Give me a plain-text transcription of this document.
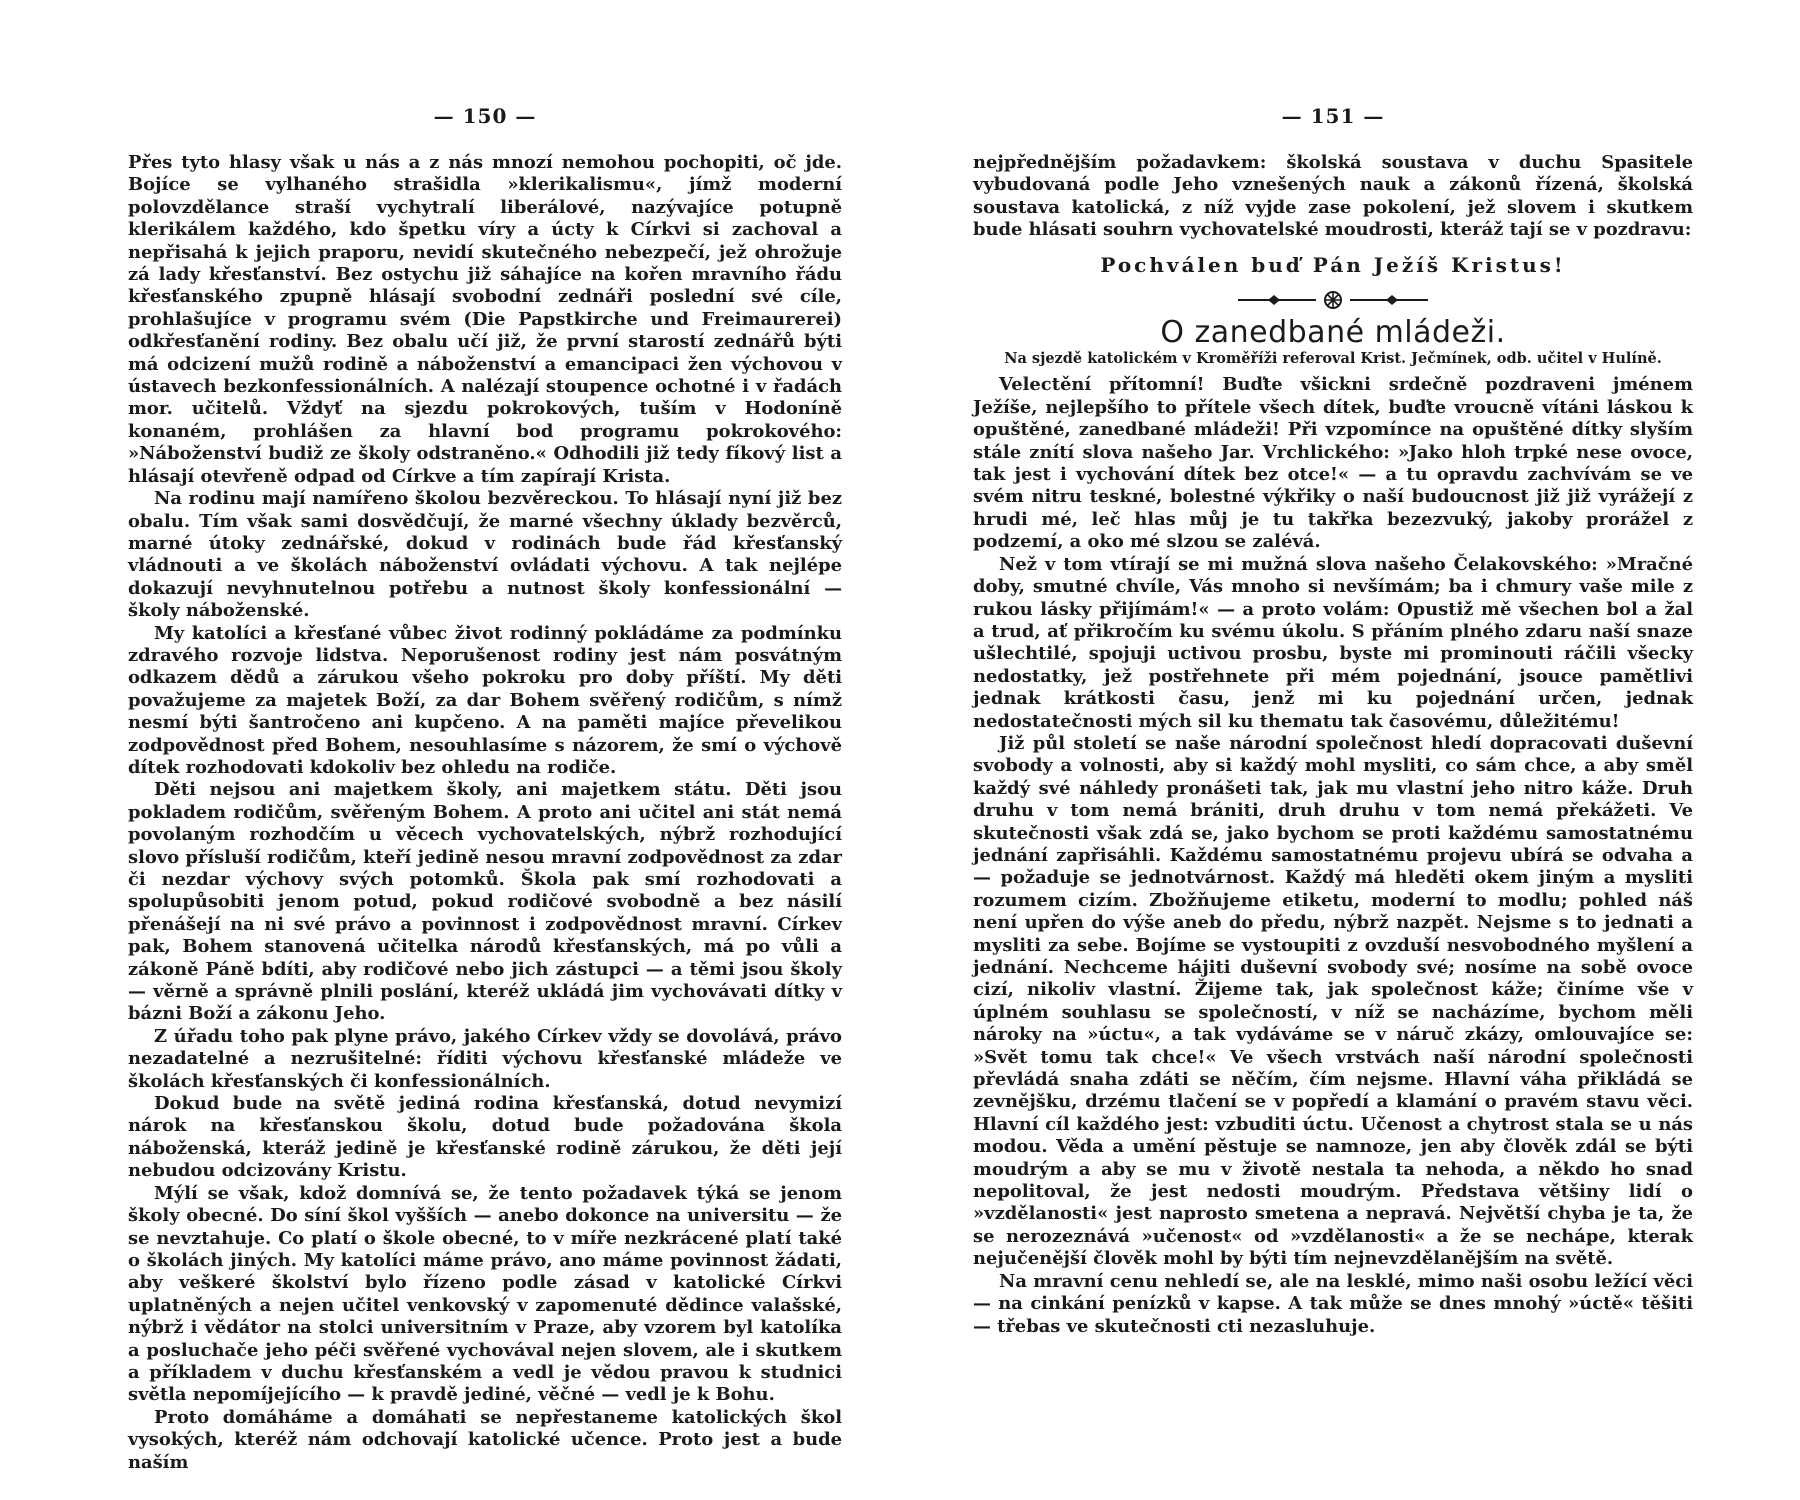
— 150 —

Přes tyto hlasy však u nás a z nás mnozí nemohou pochopiti, oč jde. Bojíce se vylhaného strašidla »klerikalismu«, jímž moderní polovzdělance straší vychytralí liberálové, nazývajíce potupně klerikálem každého, kdo špetku víry a úcty k Církvi si zachoval a nepřisahá k jejich praporu, nevidí skutečného nebezpečí, jež ohrožuje zá lady křesťanství. Bez ostychu již sáhajíce na kořen mravního řádu křesťanského zpupně hlásají svobodní zednáři poslední své cíle, prohlašujíce v programu svém (Die Papstkirche und Freimaurerei) odkřesťanění rodiny. Bez obalu učí již, že první starostí zednářů býti má odcizení mužů rodině a náboženství a emancipaci žen výchovou v ústavech bezkonfessionálních. A nalézají stoupence ochotné i v řadách mor. učitelů. Vždyť na sjezdu pokrokových, tuším v Hodoníně konaném, prohlášen za hlavní bod programu pokrokového: »Náboženství budiž ze školy odstraněno.« Odhodili již tedy fíkový list a hlásají otevřeně odpad od Církve a tím zapírají Krista.

Na rodinu mají namířeno školou bezvěreckou. To hlásají nyní již bez obalu. Tím však sami dosvědčují, že marné všechny úklady bezvěrců, marné útoky zednářské, dokud v rodinách bude řád křesťanský vládnouti a ve školách náboženství ovládati výchovu. A tak nejlépe dokazují nevyhnutelnou potřebu a nutnost školy konfessionální — školy náboženské.

My katolíci a křesťané vůbec život rodinný pokládáme za podmínku zdravého rozvoje lidstva. Neporušenost rodiny jest nám posvátným odkazem dědů a zárukou všeho pokroku pro doby příští. My děti považujeme za majetek Boží, za dar Bohem svěřený rodičům, s nímž nesmí býti šantročeno ani kupčeno. A na paměti majíce převelikou zodpovědnost před Bohem, nesouhlasíme s názorem, že smí o výchově dítek rozhodovati kdokoliv bez ohledu na rodiče.

Děti nejsou ani majetkem školy, ani majetkem státu. Děti jsou pokladem rodičům, svěřeným Bohem. A proto ani učitel ani stát nemá povolaným rozhodčím u věcech vychovatelských, nýbrž rozhodující slovo přísluší rodičům, kteří jedině nesou mravní zodpovědnost za zdar či nezdar výchovy svých potomků. Škola pak smí rozhodovati a spolupůsobiti jenom potud, pokud rodičové svobodně a bez násilí přenášejí na ni své právo a povinnost i zodpovědnost mravní. Církev pak, Bohem stanovená učitelka národů křesťanských, má po vůli a zákoně Páně bdíti, aby rodičové nebo jich zástupci — a těmi jsou školy — věrně a správně plnili poslání, kteréž ukládá jim vychovávati dítky v bázni Boží a zákonu Jeho.

Z úřadu toho pak plyne právo, jakého Církev vždy se dovolává, právo nezadatelné a nezrušitelné: říditi výchovu křesťanské mládeže ve školách křesťanských či konfessionálních.

Dokud bude na světě jediná rodina křesťanská, dotud nevymizí nárok na křesťanskou školu, dotud bude požadována škola náboženská, kteráž jedině je křesťanské rodině zárukou, že děti její nebudou odcizovány Kristu.

Mýlí se však, kdož domnívá se, že tento požadavek týká se jenom školy obecné. Do síní škol vyšších — anebo dokonce na universitu — že se nevztahuje. Co platí o škole obecné, to v míře nezkrácené platí také o školách jiných. My katolíci máme právo, ano máme povinnost žádati, aby veškeré školství bylo řízeno podle zásad v katolické Církvi uplatněných a nejen učitel venkovský v zapomenuté dědince valašské, nýbrž i vědátor na stolci universitním v Praze, aby vzorem byl katolíka a posluchače jeho péči svěřené vychovával nejen slovem, ale i skutkem a příkladem v duchu křesťanském a vedl je vědou pravou k studnici světla nepomíjejícího — k pravdě jediné, věčné — vedl je k Bohu.

Proto domáháme a domáhati se nepřestaneme katolických škol vysokých, kteréž nám odchovají katolické učence. Proto jest a bude naším

— 151 —

nejpřednějším požadavkem: školská soustava v duchu Spasitele vybudovaná podle Jeho vznešených nauk a zákonů řízená, školská soustava katolická, z níž vyjde zase pokolení, jež slovem i skutkem bude hlásati souhrn vychovatelské moudrosti, kteráž tají se v pozdravu:

Pochválen buď Pán Ježíš Kristus!
O zanedbané mládeži.
Na sjezdě katolickém v Kroměříži referoval Krist. Ječmínek, odb. učitel v Hulíně.

Velectění přítomní! Buďte všickni srdečně pozdraveni jménem Ježíše, nejlepšího to přítele všech dítek, buďte vroucně vítáni láskou k opuštěné, zanedbané mládeži! Při vzpomínce na opuštěné dítky slyším stále znítí slova našeho Jar. Vrchlického: »Jako hloh trpké nese ovoce, tak jest i vychování dítek bez otce!« — a tu opravdu zachvívám se ve svém nitru teskné, bolestné výkřiky o naší budoucnost již již vyrážejí z hrudi mé, leč hlas můj je tu takřka bezezvuký, jakoby prorážel z podzemí, a oko mé slzou se zalévá.

Než v tom vtírají se mi mužná slova našeho Čelakovského: »Mračné doby, smutné chvíle, Vás mnoho si nevšímám; ba i chmury vaše mile z rukou lásky přijímám!« — a proto volám: Opustiž mě všechen bol a žal a trud, ať přikročím ku svému úkolu. S přáním plného zdaru naší snaze ušlechtilé, spojuji uctivou prosbu, byste mi prominouti ráčili všecky nedostatky, jež postřehnete při mém pojednání, jsouce pamětlivi jednak krátkosti času, jenž mi ku pojednání určen, jednak nedostatečnosti mých sil ku thematu tak časovému, důležitému!

Již půl století se naše národní společnost hledí dopracovati duševní svobody a volnosti, aby si každý mohl mysliti, co sám chce, a aby směl každý své náhledy pronášeti tak, jak mu vlastní jeho nitro káže. Druh druhu v tom nemá brániti, druh druhu v tom nemá překážeti. Ve skutečnosti však zdá se, jako bychom se proti každému samostatnému jednání zapřisáhli. Každému samostatnému projevu ubírá se odvaha a — požaduje se jednotvárnost. Každý má hleděti okem jiným a mysliti rozumem cizím. Zbožňujeme etiketu, moderní to modlu; pohled náš není upřen do výše aneb do předu, nýbrž nazpět. Nejsme s to jednati a mysliti za sebe. Bojíme se vystoupiti z ovzduší nesvobodného myšlení a jednání. Nechceme hájiti duševní svobody své; nosíme na sobě ovoce cizí, nikoliv vlastní. Žijeme tak, jak společnost káže; činíme vše v úplném souhlasu se společností, v níž se nacházíme, bychom měli nároky na »úctu«, a tak vydáváme se v náruč zkázy, omlouvajíce se: »Svět tomu tak chce!« Ve všech vrstvách naší národní společnosti převládá snaha zdáti se něčím, čím nejsme. Hlavní váha přikládá se zevnějšku, drzému tlačení se v popředí a klamání o pravém stavu věci. Hlavní cíl každého jest: vzbuditi úctu. Učenost a chytrost stala se u nás modou. Věda a umění pěstuje se namnoze, jen aby člověk zdál se býti moudrým a aby se mu v životě nestala ta nehoda, a někdo ho snad nepolitoval, že jest nedosti moudrým. Představa většiny lidí o »vzdělanosti« jest naprosto smetena a nepravá. Největší chyba je ta, že se nerozeznává »učenost« od »vzdělanosti« a že se nechápe, kterak nejučenější člověk mohl by býti tím nejnevzdělanějším na světě.

Na mravní cenu nehledí se, ale na lesklé, mimo naši osobu ležící věci — na cinkání penízků v kapse. A tak může se dnes mnohý »úctě« těšiti — třebas ve skutečnosti cti nezasluhuje.
